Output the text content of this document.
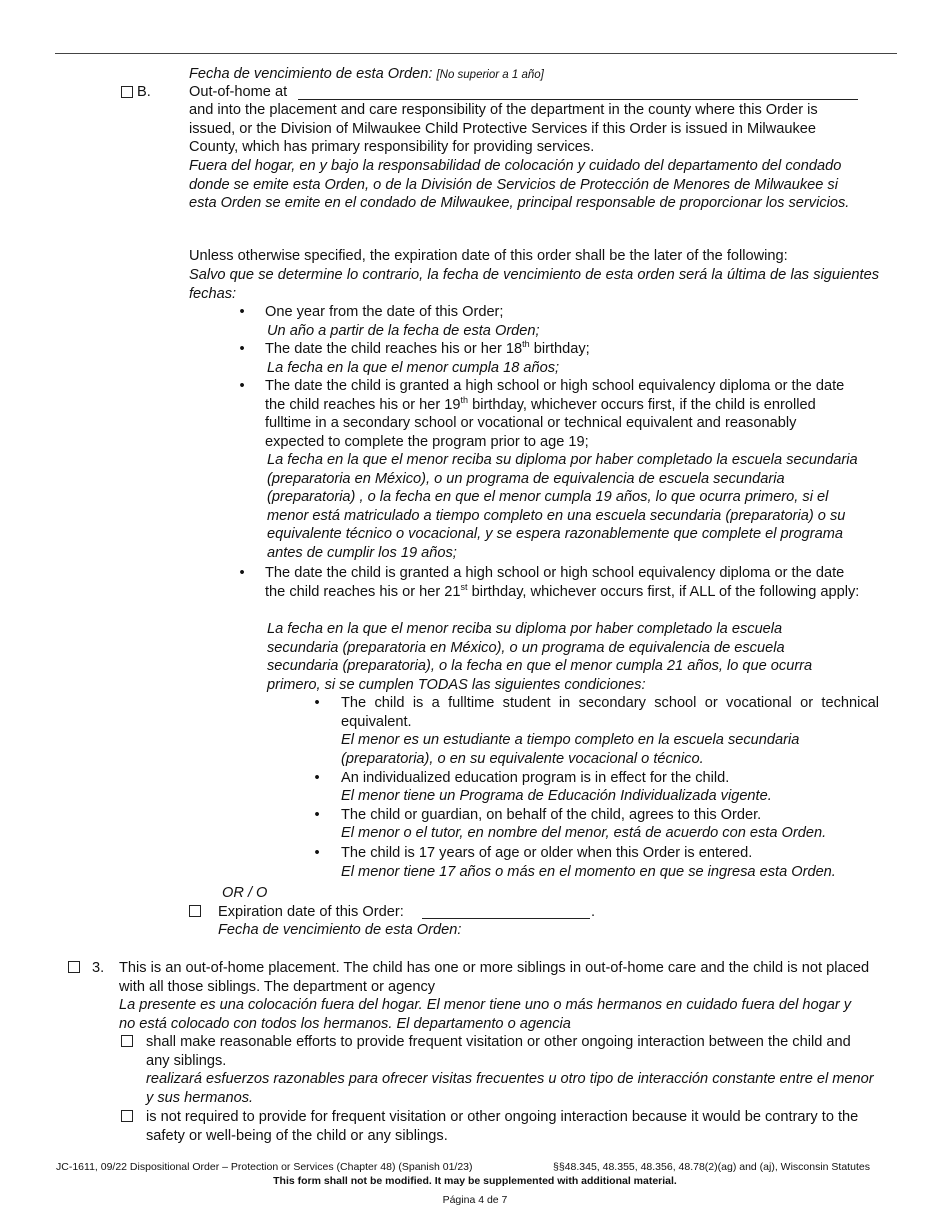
Fecha de vencimiento de esta Orden: [No superior a 1 año]
B.	Out-of-home at
and into the placement and care responsibility of the department in the county where this Order is issued, or the Division of Milwaukee Child Protective Services if this Order is issued in Milwaukee County, which has primary responsibility for providing services.
Fuera del hogar, en y bajo la responsabilidad de colocación y cuidado del departamento del condado donde se emite esta Orden, o de la División de Servicios de Protección de Menores de Milwaukee si esta Orden se emite en el condado de Milwaukee, principal responsable de proporcionar los servicios.
Unless otherwise specified, the expiration date of this order shall be the later of the following:
Salvo que se determine lo contrario, la fecha de vencimiento de esta orden será la última de las siguientes fechas:
• One year from the date of this Order;
Un año a partir de la fecha de esta Orden;
• The date the child reaches his or her 18th birthday;
La fecha en la que el menor cumpla 18 años;
• The date the child is granted a high school or high school equivalency diploma or the date the child reaches his or her 19th birthday, whichever occurs first, if the child is enrolled fulltime in a secondary school or vocational or technical equivalent and reasonably expected to complete the program prior to age 19;
La fecha en la que el menor reciba su diploma por haber completado la escuela secundaria (preparatoria en México), o un programa de equivalencia de escuela secundaria (preparatoria) , o la fecha en que el menor cumpla 19 años, lo que ocurra primero, si el menor está matriculado a tiempo completo en una escuela secundaria (preparatoria) o su equivalente técnico o vocacional, y se espera razonablemente que complete el programa antes de cumplir los 19 años;
• The date the child is granted a high school or high school equivalency diploma or the date the child reaches his or her 21st birthday, whichever occurs first, if ALL of the following apply:
La fecha en la que el menor reciba su diploma por haber completado la escuela secundaria (preparatoria en México), o un programa de equivalencia de escuela secundaria (preparatoria), o la fecha en que el menor cumpla 21 años, lo que ocurra primero, si se cumplen TODAS las siguientes condiciones:
• The child is a fulltime student in secondary school or vocational or technical equivalent.
El menor es un estudiante a tiempo completo en la escuela secundaria (preparatoria), o en su equivalente vocacional o técnico.
• An individualized education program is in effect for the child.
El menor tiene un Programa de Educación Individualizada vigente.
• The child or guardian, on behalf of the child, agrees to this Order.
El menor o el tutor, en nombre del menor, está de acuerdo con esta Orden.
• The child is 17 years of age or older when this Order is entered.
El menor tiene 17 años o más en el momento en que se ingresa esta Orden.
OR / O
Expiration date of this Order:	.
Fecha de vencimiento de esta Orden:
3. This is an out-of-home placement. The child has one or more siblings in out-of-home care and the child is not placed with all those siblings. The department or agency
La presente es una colocación fuera del hogar. El menor tiene uno o más hermanos en cuidado fuera del hogar y no está colocado con todos los hermanos. El departamento o agencia
shall make reasonable efforts to provide frequent visitation or other ongoing interaction between the child and any siblings.
realizará esfuerzos razonables para ofrecer visitas frecuentes u otro tipo de interacción constante entre el menor y sus hermanos.
is not required to provide for frequent visitation or other ongoing interaction because it would be contrary to the safety or well-being of the child or any siblings.
JC-1611, 09/22 Dispositional Order – Protection or Services (Chapter 48) (Spanish 01/23)	§§48.345, 48.355, 48.356, 48.78(2)(ag) and (aj), Wisconsin Statutes
This form shall not be modified. It may be supplemented with additional material.
Página 4 de 7
